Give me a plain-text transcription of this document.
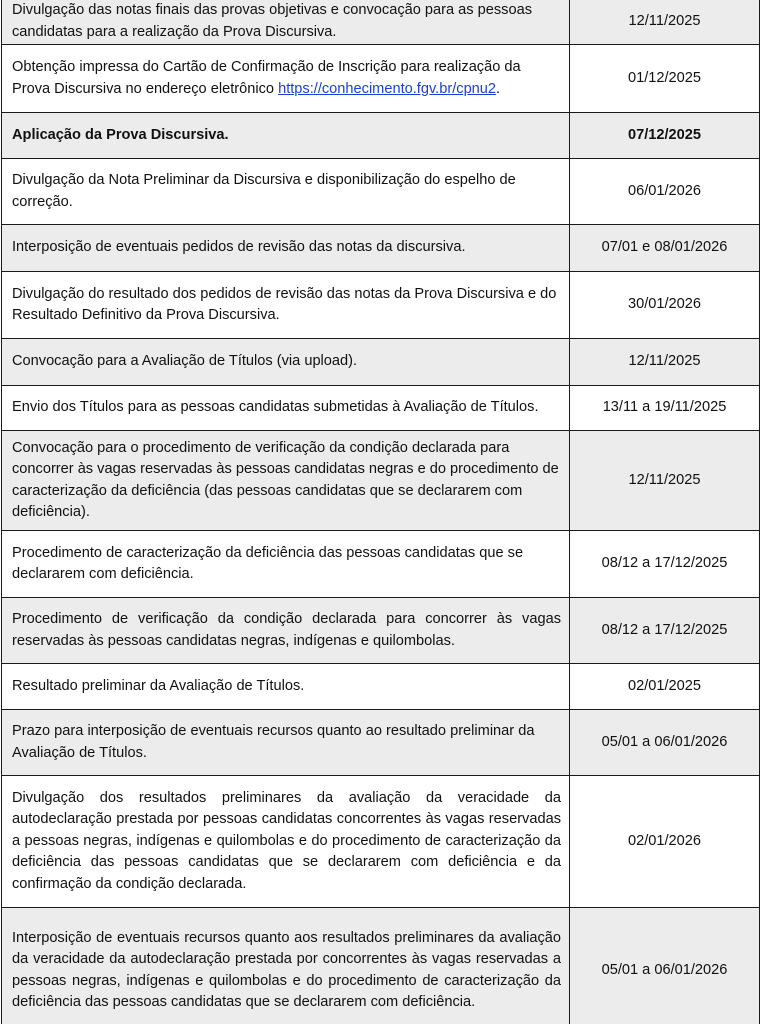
Divulgação das notas finais das provas objetivas e convocação para as pessoas candidatas para a realização da Prova Discursiva.	12/11/2025
Obtenção impressa do Cartão de Confirmação de Inscrição para realização da Prova Discursiva no endereço eletrônico https://conhecimento.fgv.br/cpnu2.	01/12/2025
Aplicação da Prova Discursiva.	07/12/2025
Divulgação da Nota Preliminar da Discursiva e disponibilização do espelho de correção.	06/01/2026
Interposição de eventuais pedidos de revisão das notas da discursiva.	07/01 e 08/01/2026
Divulgação do resultado dos pedidos de revisão das notas da Prova Discursiva e do Resultado Definitivo da Prova Discursiva.	30/01/2026
Convocação para a Avaliação de Títulos (via upload).	12/11/2025
Envio dos Títulos para as pessoas candidatas submetidas à Avaliação de Títulos.	13/11 a 19/11/2025
Convocação para o procedimento de verificação da condição declarada para concorrer às vagas reservadas às pessoas candidatas negras e do procedimento de caracterização da deficiência (das pessoas candidatas que se declararem com deficiência).	12/11/2025
Procedimento de caracterização da deficiência das pessoas candidatas que se declararem com deficiência.	08/12 a 17/12/2025
Procedimento de verificação da condição declarada para concorrer às vagas reservadas às pessoas candidatas negras, indígenas e quilombolas.	08/12 a 17/12/2025
Resultado preliminar da Avaliação de Títulos.	02/01/2025
Prazo para interposição de eventuais recursos quanto ao resultado preliminar da Avaliação de Títulos.	05/01 a 06/01/2026
Divulgação dos resultados preliminares da avaliação da veracidade da autodeclaração prestada por pessoas candidatas concorrentes às vagas reservadas a pessoas negras, indígenas e quilombolas e do procedimento de caracterização da deficiência das pessoas candidatas que se declararem com deficiência e da confirmação da condição declarada.	02/01/2026
Interposição de eventuais recursos quanto aos resultados preliminares da avaliação da veracidade da autodeclaração prestada por concorrentes às vagas reservadas a pessoas negras, indígenas e quilombolas e do procedimento de caracterização da deficiência das pessoas candidatas que se declararem com deficiência.	05/01 a 06/01/2026
